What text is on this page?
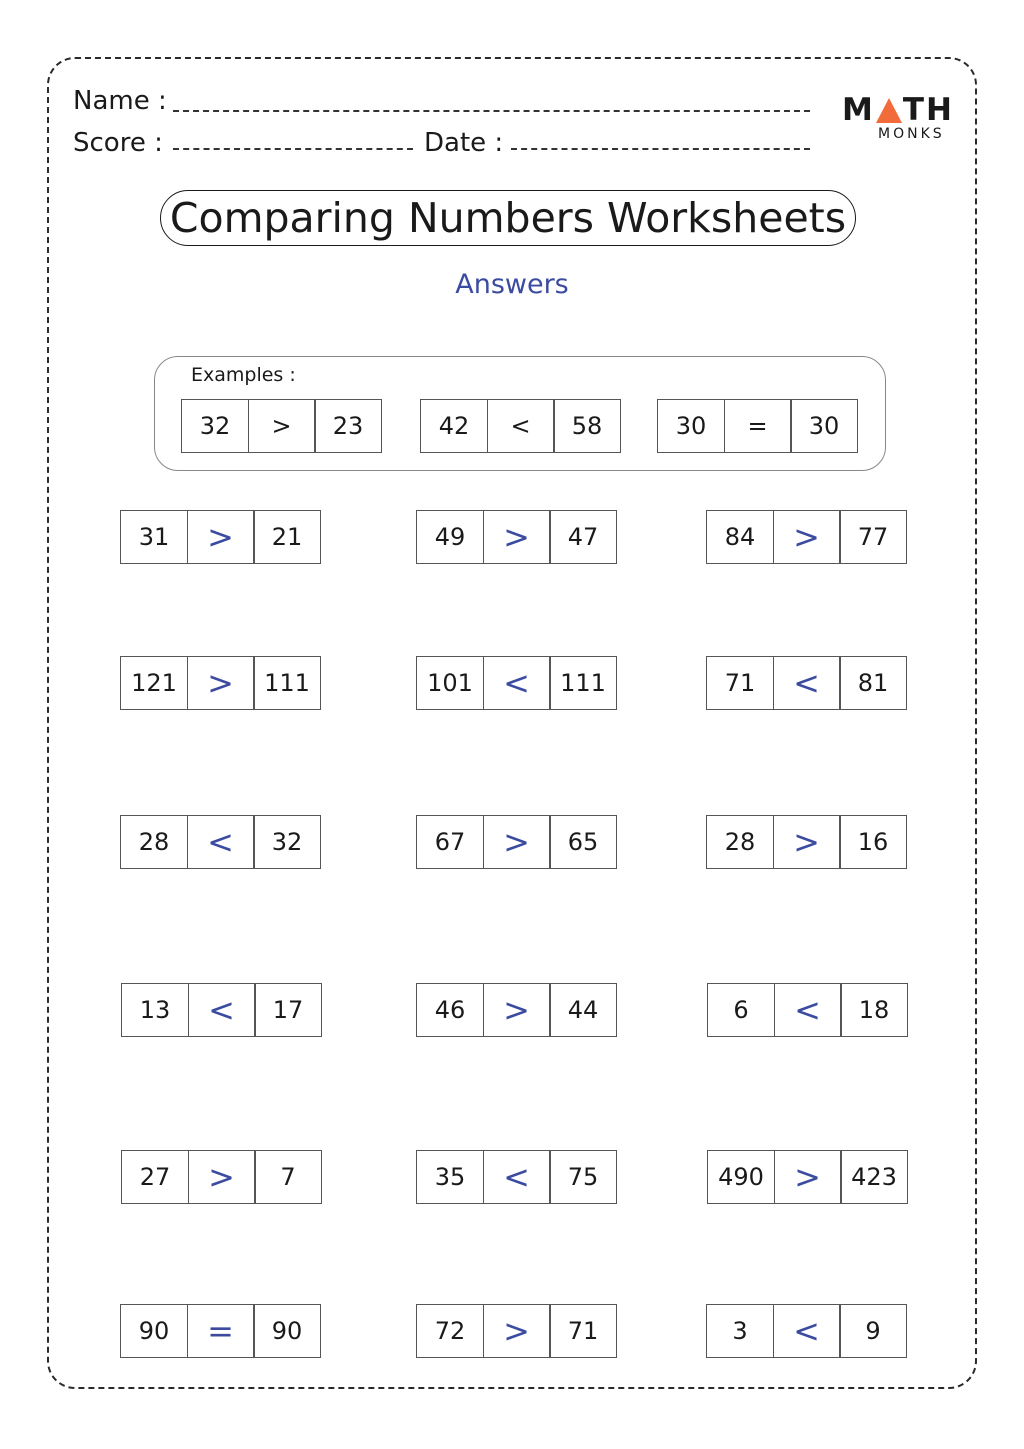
Name :
Score :	Date :
M TH
MONKS
Comparing Numbers Worksheets
Answers
Examples :
32	>	23	42	<	58	30	=	30
31	>	21	49	>	47	84	>	77
121 >	111	101 <	111	71	<	81
28	<	32	67	>	65	28	>	16
13	<	17	46	>	44	6	<	18
27	>	7	35	<	75	490 >	423
90	=	90	72	>	71	3	<	9
